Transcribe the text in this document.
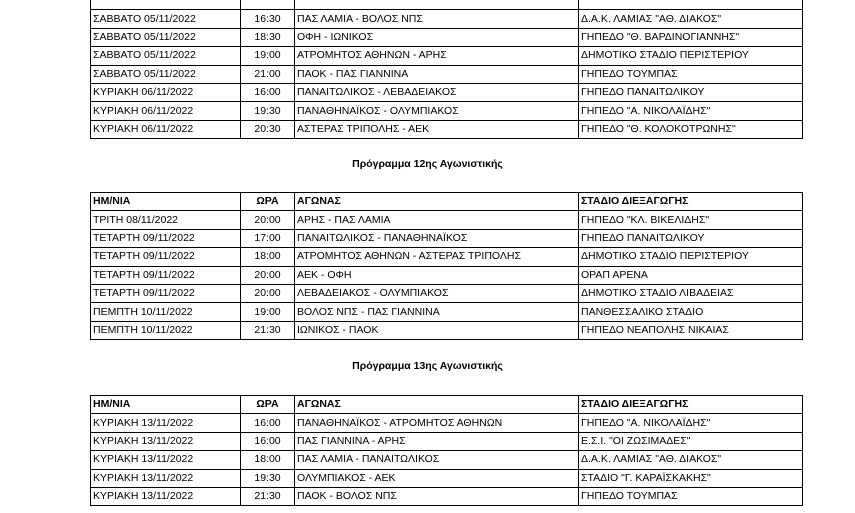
ΣΑΒΒΑΤΟ 05/11/2022	16:30	ΠΑΣ ΛΑΜΙΑ - ΒΟΛΟΣ ΝΠΣ	Δ.Α.Κ. ΛΑΜΙΑΣ "ΑΘ. ΔΙΑΚΟΣ"
ΣΑΒΒΑΤΟ 05/11/2022	18:30	ΟΦΗ - ΙΩΝΙΚΟΣ	ΓΗΠΕΔΟ "Θ. ΒΑΡΔΙΝΟΓΙΑΝΝΗΣ"
ΣΑΒΒΑΤΟ 05/11/2022	19:00	ΑΤΡΟΜΗΤΟΣ ΑΘΗΝΩΝ - ΑΡΗΣ	ΔΗΜΟΤΙΚΟ ΣΤΑΔΙΟ ΠΕΡΙΣΤΕΡΙΟΥ
ΣΑΒΒΑΤΟ 05/11/2022	21:00	ΠΑΟΚ - ΠΑΣ ΓΙΑΝΝΙΝΑ	ΓΗΠΕΔΟ ΤΟΥΜΠΑΣ
ΚΥΡΙΑΚΗ 06/11/2022	16:00	ΠΑΝΑΙΤΩΛΙΚΟΣ - ΛΕΒΑΔΕΙΑΚΟΣ	ΓΗΠΕΔΟ ΠΑΝΑΙΤΩΛΙΚΟΥ
ΚΥΡΙΑΚΗ 06/11/2022	19:30	ΠΑΝΑΘΗΝΑΪΚΟΣ - ΟΛΥΜΠΙΑΚΟΣ	ΓΗΠΕΔΟ "Α. ΝΙΚΟΛΑΪΔΗΣ"
ΚΥΡΙΑΚΗ 06/11/2022	20:30	ΑΣΤΕΡΑΣ ΤΡΙΠΟΛΗΣ - ΑΕΚ	ΓΗΠΕΔΟ "Θ. ΚΟΛΟΚΟΤΡΩΝΗΣ"
Πρόγραμμα 12ης Αγωνιστικής
ΗΜ/ΝΙΑ	ΩΡΑ	ΑΓΩΝΑΣ	ΣΤΑΔΙΟ ΔΙΕΞΑΓΩΓΗΣ
ΤΡΙΤΗ 08/11/2022	20:00	ΑΡΗΣ - ΠΑΣ ΛΑΜΙΑ	ΓΗΠΕΔΟ "ΚΛ. ΒΙΚΕΛΙΔΗΣ"
ΤΕΤΑΡΤΗ 09/11/2022	17:00	ΠΑΝΑΙΤΩΛΙΚΟΣ - ΠΑΝΑΘΗΝΑΪΚΟΣ	ΓΗΠΕΔΟ ΠΑΝΑΙΤΩΛΙΚΟΥ
ΤΕΤΑΡΤΗ 09/11/2022	18:00	ΑΤΡΟΜΗΤΟΣ ΑΘΗΝΩΝ - ΑΣΤΕΡΑΣ ΤΡΙΠΟΛΗΣ	ΔΗΜΟΤΙΚΟ ΣΤΑΔΙΟ ΠΕΡΙΣΤΕΡΙΟΥ
ΤΕΤΑΡΤΗ 09/11/2022	20:00	ΑΕΚ - ΟΦΗ	ΟΡΑΠ ΑΡΕΝΑ
ΤΕΤΑΡΤΗ 09/11/2022	20:00	ΛΕΒΑΔΕΙΑΚΟΣ - ΟΛΥΜΠΙΑΚΟΣ	ΔΗΜΟΤΙΚΟ ΣΤΑΔΙΟ ΛΙΒΑΔΕΙΑΣ
ΠΕΜΠΤΗ 10/11/2022	19:00	ΒΟΛΟΣ ΝΠΣ - ΠΑΣ ΓΙΑΝΝΙΝΑ	ΠΑΝΘΕΣΣΑΛΙΚΟ ΣΤΑΔΙΟ
ΠΕΜΠΤΗ 10/11/2022	21:30	ΙΩΝΙΚΟΣ - ΠΑΟΚ	ΓΗΠΕΔΟ ΝΕΑΠΟΛΗΣ ΝΙΚΑΙΑΣ
Πρόγραμμα 13ης Αγωνιστικής
ΗΜ/ΝΙΑ	ΩΡΑ	ΑΓΩΝΑΣ	ΣΤΑΔΙΟ ΔΙΕΞΑΓΩΓΗΣ
ΚΥΡΙΑΚΗ 13/11/2022	16:00	ΠΑΝΑΘΗΝΑΪΚΟΣ - ΑΤΡΟΜΗΤΟΣ ΑΘΗΝΩΝ	ΓΗΠΕΔΟ "Α. ΝΙΚΟΛΑΪΔΗΣ"
ΚΥΡΙΑΚΗ 13/11/2022	16:00	ΠΑΣ ΓΙΑΝΝΙΝΑ - ΑΡΗΣ	Ε.Σ.Ι. "ΟΙ ΖΩΣΙΜΑΔΕΣ"
ΚΥΡΙΑΚΗ 13/11/2022	18:00	ΠΑΣ ΛΑΜΙΑ - ΠΑΝΑΙΤΩΛΙΚΟΣ	Δ.Α.Κ. ΛΑΜΙΑΣ "ΑΘ. ΔΙΑΚΟΣ"
ΚΥΡΙΑΚΗ 13/11/2022	19:30	ΟΛΥΜΠΙΑΚΟΣ - ΑΕΚ	ΣΤΑΔΙΟ "Γ. ΚΑΡΑΪΣΚΑΚΗΣ"
ΚΥΡΙΑΚΗ 13/11/2022	21:30	ΠΑΟΚ - ΒΟΛΟΣ ΝΠΣ	ΓΗΠΕΔΟ ΤΟΥΜΠΑΣ
